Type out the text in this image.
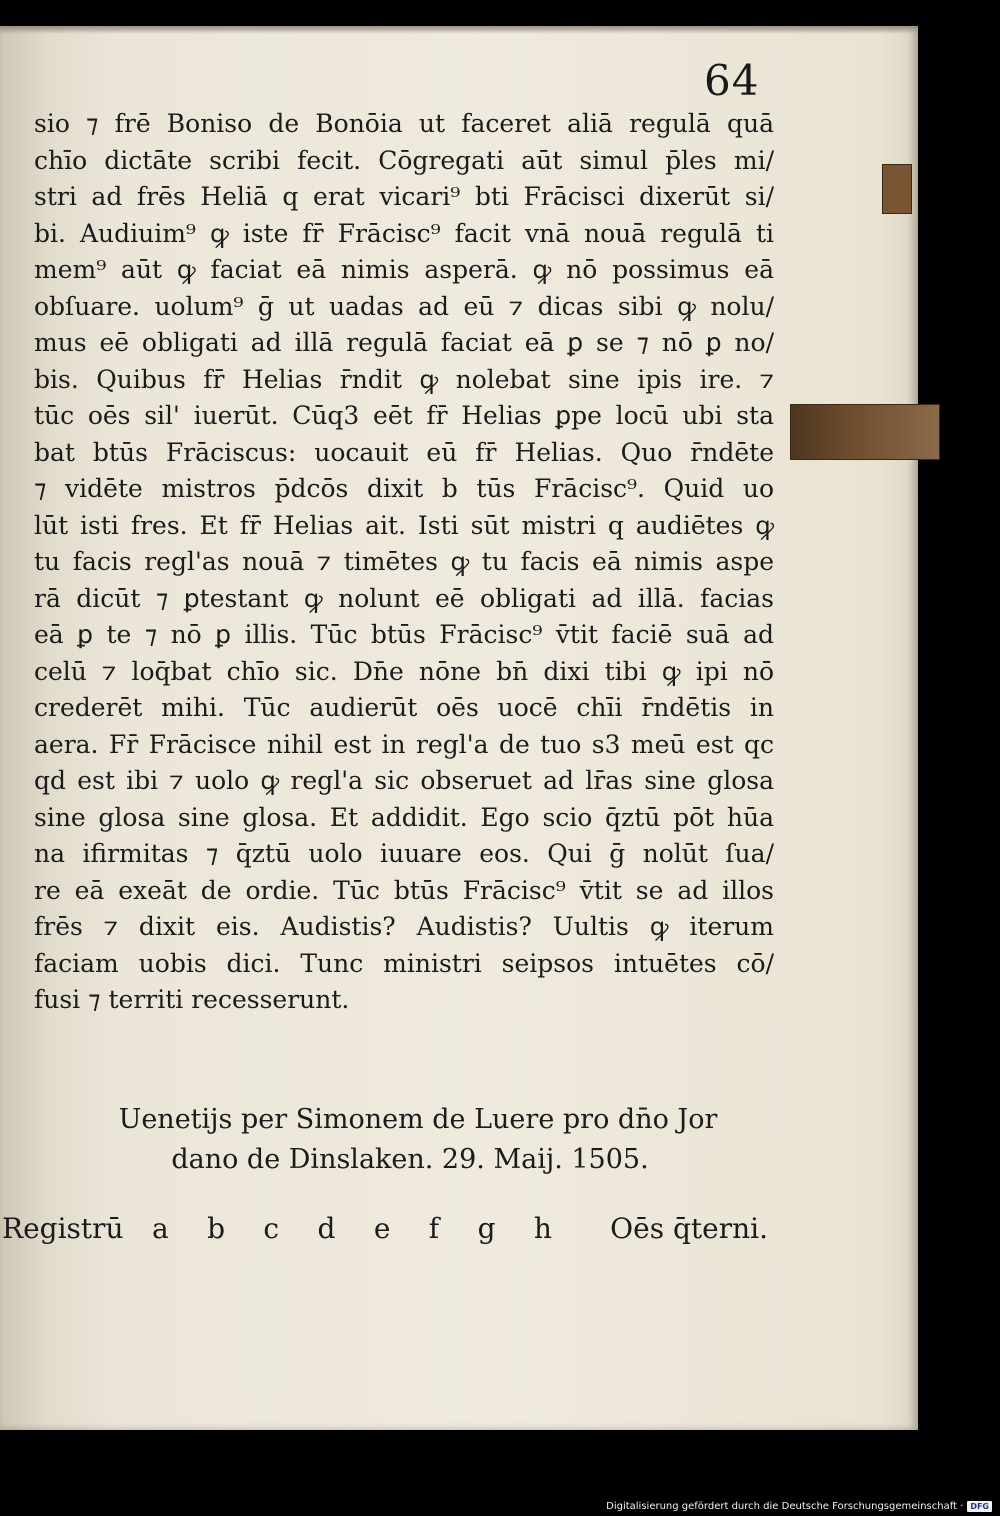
64
sio ⁊ frē Boniso de Bonōia ut faceret aliā regulā quā
chīo dictāte scribi fecit. Cōgregati aūt simul p̄les mi/
stri ad frēs Heliā q erat vicari⁹ bti Frācisci dixerūt si/
bi. Audiuim⁹ ꝙ iste fr̄ Frācisc⁹ facit vnā nouā regulā ti
mem⁹ aūt ꝙ faciat eā nimis asperā. ꝙ nō possimus eā
obſuare. uolum⁹ ḡ ut uadas ad eū ⁊ dicas sibi ꝙ nolu/
mus eē obligati ad illā regulā faciat eā ꝑ se ⁊ nō ꝑ no/
bis. Quibus fr̄ Helias r̄ndit ꝙ nolebat sine ipis ire. ⁊
tūc oēs sil' iuerūt. Cūq3 eēt fr̄ Helias ꝑpe locū ubi sta
bat btūs Frāciscus: uocauit eū fr̄ Helias. Quo r̄ndēte
⁊ vidēte mistros p̄dcōs dixit b tūs Frācisc⁹. Quid uo
lūt isti fres. Et fr̄ Helias ait. Isti sūt mistri q audiētes ꝙ
tu facis regl'as nouā ⁊ timētes ꝙ tu facis eā nimis aspe
rā dicūt ⁊ ꝑtestant ꝙ nolunt eē obligati ad illā. facias
eā ꝑ te ⁊ nō ꝑ illis. Tūc btūs Frācisc⁹ v̄tit faciē suā ad
celū ⁊ loq̄bat chīo sic. Dn̄e nōne bn̄ dixi tibi ꝙ ipi nō
crederēt mihi. Tūc audierūt oēs uocē chīi r̄ndētis in
aera. Fr̄ Frācisce nihil est in regl'a de tuo s3 meū est qc
qd est ibi ⁊ uolo ꝙ regl'a sic obseruet ad lr̄as sine glosa
sine glosa sine glosa. Et addidit. Ego scio q̄ztū pōt hūa
na ifirmitas ⁊ q̄ztū uolo iuuare eos. Qui ḡ nolūt ſua/
re eā exeāt de ordie. Tūc btūs Frācisc⁹ v̄tit se ad illos
frēs ⁊ dixit eis. Audistis? Audistis? Uultis ꝙ iterum
faciam uobis dici. Tunc ministri seipsos intuētes cō/
fusi ⁊ territi recesserunt.
Uenetijs per Simonem de Luere pro dn̄o Jor
dano de Dinslaken. 29. Maij. 1505.
Registrū	a b c d e f g h Oēs q̄terni.
Digitalisierung gefördert durch die Deutsche Forschungsgemeinschaft · DFG
